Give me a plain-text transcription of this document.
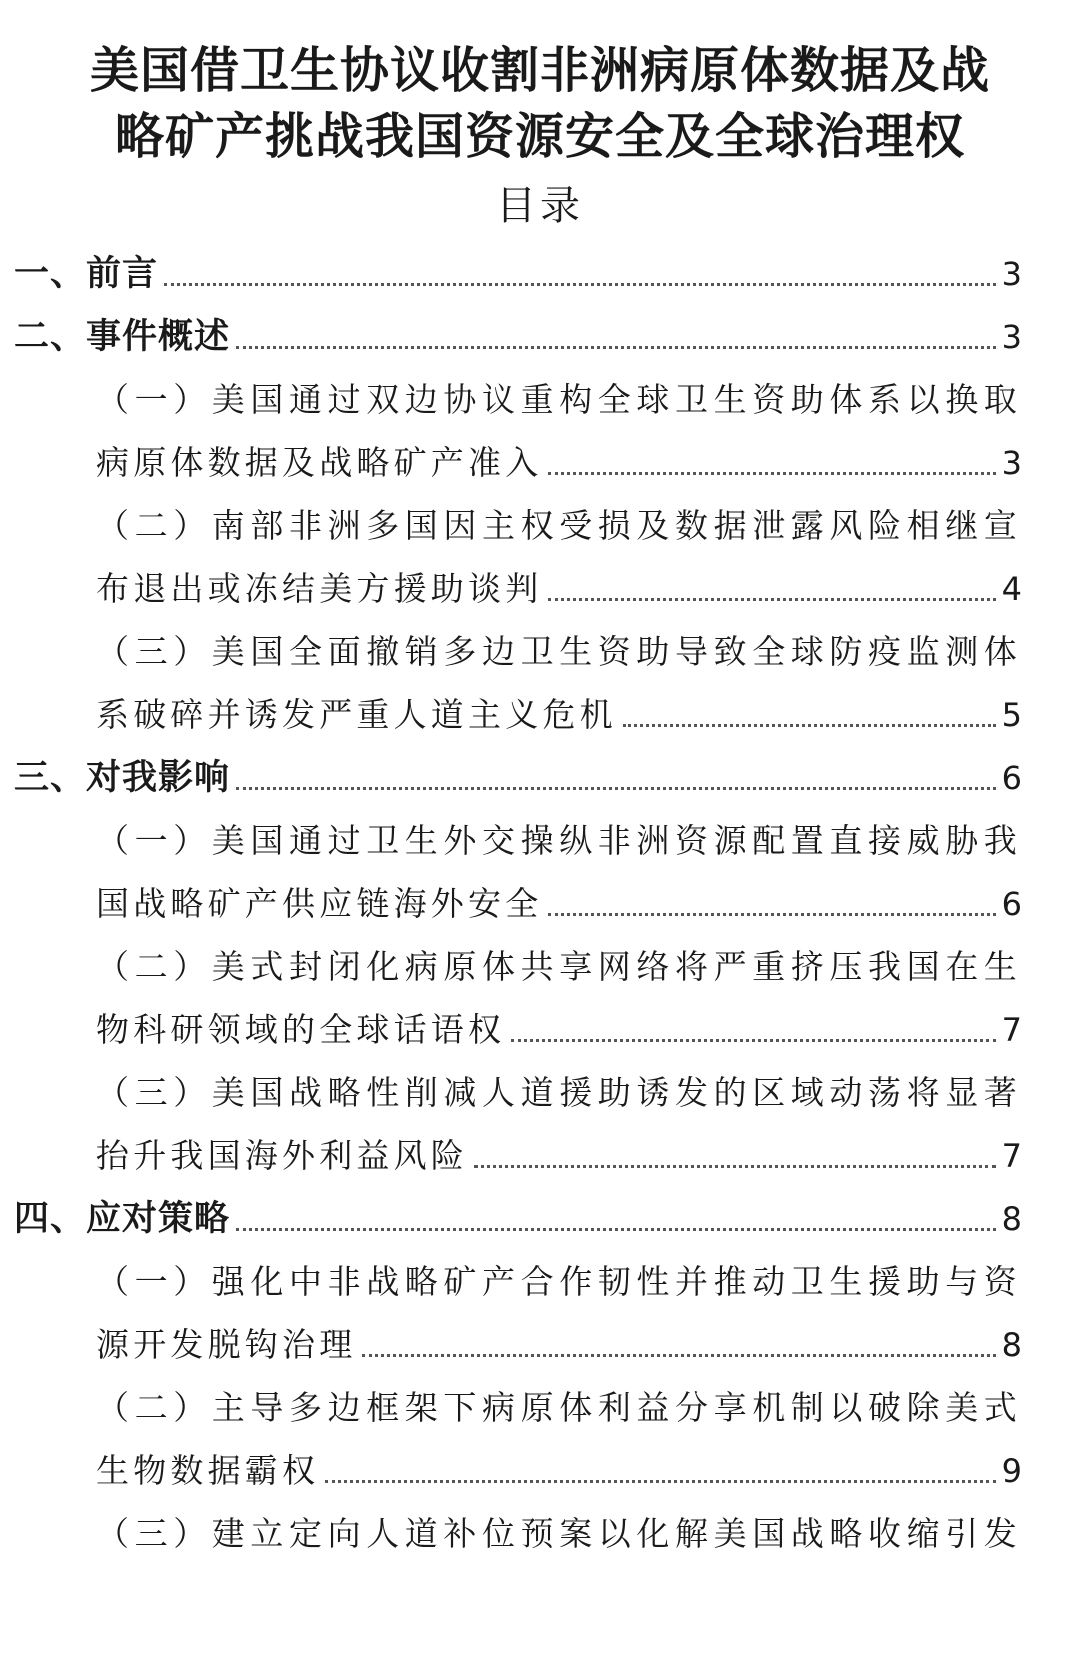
美国借卫生协议收割非洲病原体数据及战
略矿产挑战我国资源安全及全球治理权
目录
一、前言	3
二、事件概述	3
（一）美国通过双边协议重构全球卫生资助体系以换取
病原体数据及战略矿产准入	3
（二）南部非洲多国因主权受损及数据泄露风险相继宣
布退出或冻结美方援助谈判	4
（三）美国全面撤销多边卫生资助导致全球防疫监测体
系破碎并诱发严重人道主义危机	5
三、对我影响	6
（一）美国通过卫生外交操纵非洲资源配置直接威胁我
国战略矿产供应链海外安全	6
（二）美式封闭化病原体共享网络将严重挤压我国在生
物科研领域的全球话语权	7
（三）美国战略性削减人道援助诱发的区域动荡将显著
抬升我国海外利益风险	7
四、应对策略	8
（一）强化中非战略矿产合作韧性并推动卫生援助与资
源开发脱钩治理	8
（二）主导多边框架下病原体利益分享机制以破除美式
生物数据霸权	9
（三）建立定向人道补位预案以化解美国战略收缩引发
